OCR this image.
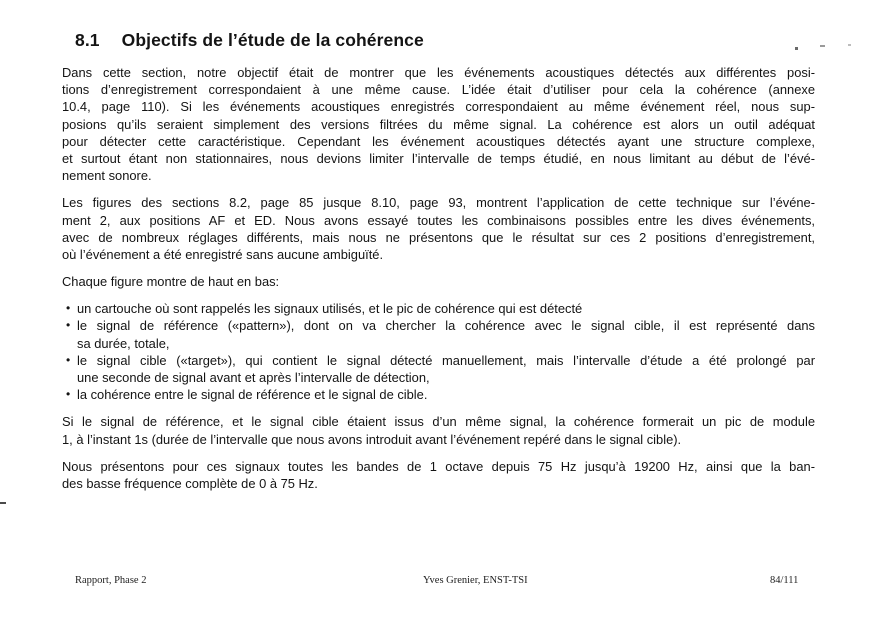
8.1 Objectifs de l’étude de la cohérence
Dans cette section, notre objectif était de montrer que les événements acoustiques détectés aux différentes posi-
tions d’enregistrement correspondaient à une même cause. L’idée était d’utiliser pour cela la cohérence (annexe
10.4, page 110). Si les événements acoustiques enregistrés correspondaient au même événement réel, nous sup-
posions qu’ils seraient simplement des versions filtrées du même signal. La cohérence est alors un outil adéquat
pour détecter cette caractéristique. Cependant les événement acoustiques détectés ayant une structure complexe,
et surtout étant non stationnaires, nous devions limiter l’intervalle de temps étudié, en nous limitant au début de l’évé-
nement sonore.
Les figures des sections 8.2, page 85 jusque 8.10, page 93, montrent l’application de cette technique sur l’événe-
ment 2, aux positions AF et ED. Nous avons essayé toutes les combinaisons possibles entre les dives événements,
avec de nombreux réglages différents, mais nous ne présentons que le résultat sur ces 2 positions d’enregistrement,
où l’événement a été enregistré sans aucune ambiguïté.
Chaque figure montre de haut en bas:
• un cartouche où sont rappelés les signaux utilisés, et le pic de cohérence qui est détecté
• le signal de référence («pattern»), dont on va chercher la cohérence avec le signal cible, il est représenté dans
sa durée, totale,
• le signal cible («target»), qui contient le signal détecté manuellement, mais l’intervalle d’étude a été prolongé par
une seconde de signal avant et après l’intervalle de détection,
• la cohérence entre le signal de référence et le signal de cible.
Si le signal de référence, et le signal cible étaient issus d’un même signal, la cohérence formerait un pic de module
1, à l’instant 1s (durée de l’intervalle que nous avons introduit avant l’événement repéré dans le signal cible).
Nous présentons pour ces signaux toutes les bandes de 1 octave depuis 75 Hz jusqu’à 19200 Hz, ainsi que la ban-
des basse fréquence complète de 0 à 75 Hz.
Rapport, Phase 2	Yves Grenier, ENST-TSI	84/111
